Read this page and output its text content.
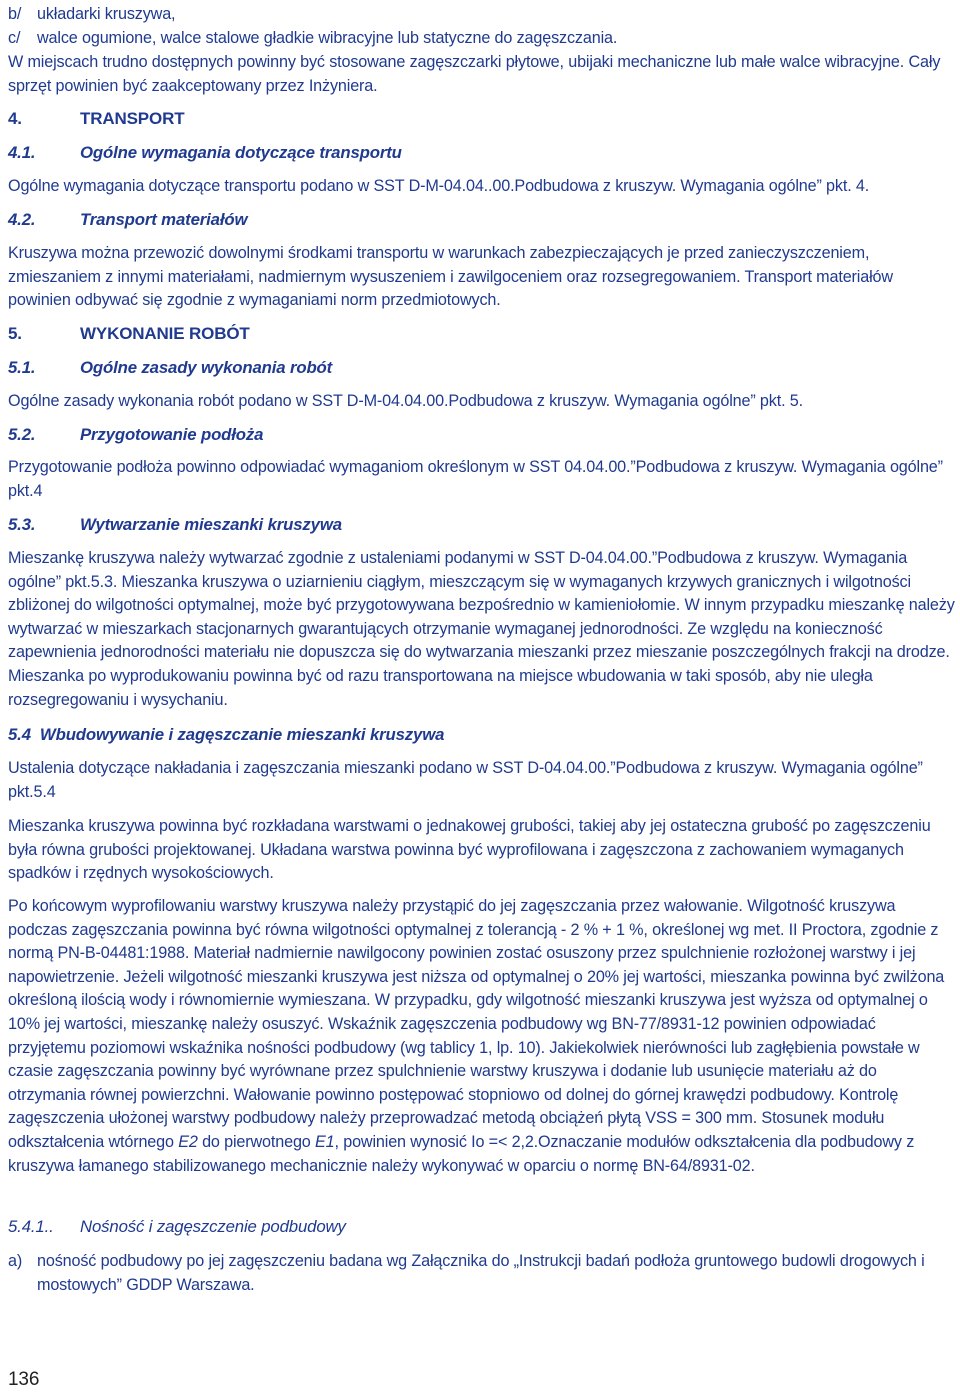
b/ układarki kruszywa,
c/	walce ogumione, walce stalowe gładkie wibracyjne lub statyczne do zagęszczania.

W miejscach trudno dostępnych powinny być stosowane zagęszczarki płytowe, ubijaki mechaniczne lub małe walce wibracyjne. Cały sprzęt powinien być zaakceptowany przez Inżyniera.

4.	TRANSPORT
4.1.	Ogólne wymagania dotyczące transportu

Ogólne wymagania dotyczące transportu podano w SST D-M-04.04..00.Podbudowa z kruszyw. Wymagania ogólne” pkt. 4.

4.2.	Transport materiałów

Kruszywa można przewozić dowolnymi środkami transportu w warunkach zabezpieczających je przed zanieczyszczeniem, zmieszaniem z innymi materiałami, nadmiernym wysuszeniem i zawilgoceniem oraz rozsegregowaniem. Transport materiałów powinien odbywać się zgodnie z wymaganiami norm przedmiotowych.

5.	WYKONANIE ROBÓT
5.1.	Ogólne zasady wykonania robót

Ogólne zasady wykonania robót podano w SST D-M-04.04.00.Podbudowa z kruszyw. Wymagania ogólne” pkt. 5.

5.2.	Przygotowanie podłoża

Przygotowanie podłoża powinno odpowiadać wymaganiom określonym w SST 04.04.00.”Podbudowa z kruszyw. Wymagania ogólne” pkt.4

5.3.	Wytwarzanie mieszanki kruszywa

Mieszankę kruszywa należy wytwarzać zgodnie z ustaleniami podanymi w SST D-04.04.00.”Podbudowa z kruszyw. Wymagania ogólne” pkt.5.3. Mieszanka kruszywa o uziarnieniu ciągłym, mieszczącym się w wymaganych krzywych granicznych i wilgotności zbliżonej do wilgotności optymalnej, może być przygotowywana bezpośrednio w kamieniołomie. W innym przypadku mieszankę należy wytwarzać w mieszarkach stacjonarnych gwarantujących otrzymanie wymaganej jednorodności. Ze względu na konieczność zapewnienia jednorodności materiału nie dopuszcza się do wytwarzania mieszanki przez mieszanie poszczególnych frakcji na drodze. Mieszanka po wyprodukowaniu powinna być od razu transportowana na miejsce wbudowania w taki sposób, aby nie uległa rozsegregowaniu i wysychaniu.

5.4 Wbudowywanie i zagęszczanie mieszanki kruszywa

Ustalenia dotyczące nakładania i zagęszczania mieszanki podano w SST D-04.04.00.”Podbudowa z kruszyw. Wymagania ogólne” pkt.5.4

Mieszanka kruszywa powinna być rozkładana warstwami o jednakowej grubości, takiej aby jej ostateczna grubość po zagęszczeniu była równa grubości projektowanej. Układana warstwa powinna być wyprofilowana i zagęszczona z zachowaniem wymaganych spadków i rzędnych wysokościowych.

Po końcowym wyprofilowaniu warstwy kruszywa należy przystąpić do jej zagęszczania przez wałowanie. Wilgotność kruszywa podczas zagęszczania powinna być równa wilgotności optymalnej z tolerancją - 2 % + 1 %, określonej wg met. II Proctora, zgodnie z normą PN-B-04481:1988. Materiał nadmiernie nawilgocony powinien zostać osuszony przez spulchnienie rozłożonej warstwy i jej napowietrzenie. Jeżeli wilgotność mieszanki kruszywa jest niższa od optymalnej o 20% jej wartości, mieszanka powinna być zwilżona określoną ilością wody i równomiernie wymieszana. W przypadku, gdy wilgotność mieszanki kruszywa jest wyższa od optymalnej o 10% jej wartości, mieszankę należy osuszyć. Wskaźnik zagęszczenia podbudowy wg BN-77/8931-12 powinien odpowiadać przyjętemu poziomowi wskaźnika nośności podbudowy (wg tablicy 1, lp. 10). Jakiekolwiek nierówności lub zagłębienia powstałe w czasie zagęszczania powinny być wyrównane przez spulchnienie warstwy kruszywa i dodanie lub usunięcie materiału aż do otrzymania równej powierzchni. Wałowanie powinno postępować stopniowo od dolnej do górnej krawędzi podbudowy. Kontrolę zagęszczenia ułożonej warstwy podbudowy należy przeprowadzać metodą obciążeń płytą VSS = 300 mm. Stosunek modułu odkształcenia wtórnego E2 do pierwotnego E1, powinien wynosić Io =< 2,2.Oznaczanie modułów odkształcenia dla podbudowy z kruszywa łamanego stabilizowanego mechanicznie należy wykonywać w oparciu o normę BN-64/8931-02.

5.4.1.. Nośność i zagęszczenie podbudowy
a) nośność podbudowy po jej zagęszczeniu badana wg Załącznika do „Instrukcji badań podłoża gruntowego budowli drogowych i mostowych” GDDP Warszawa.
136
